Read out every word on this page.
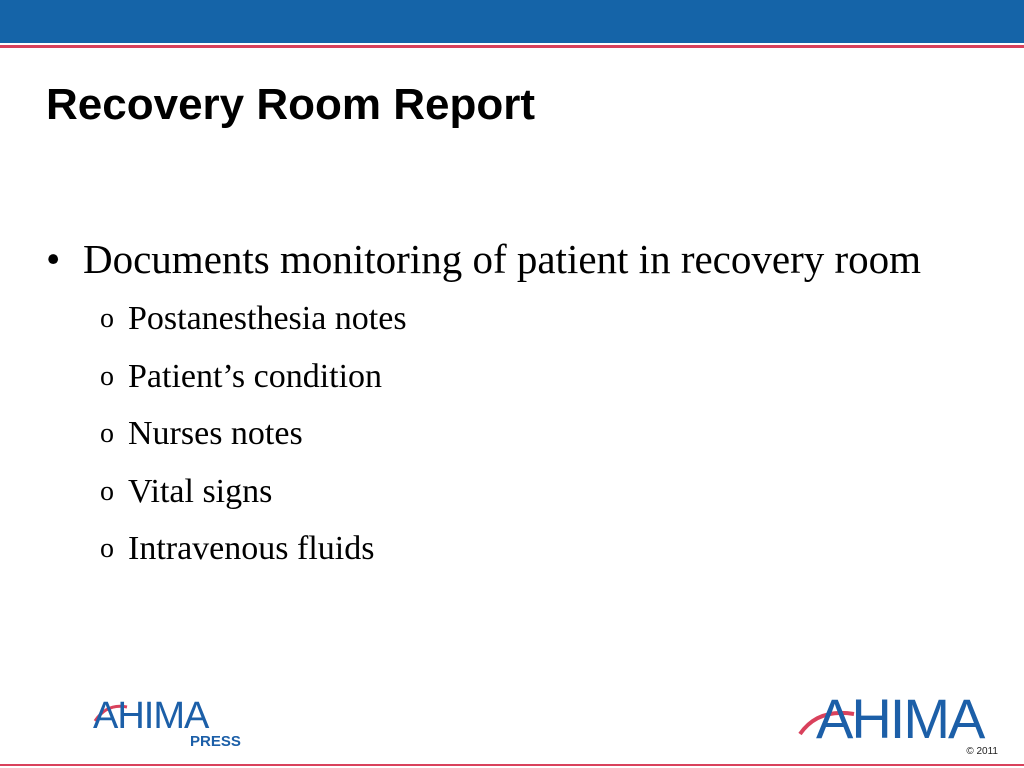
Recovery Room Report
• Documents monitoring of patient in recovery room
o Postanesthesia notes
o Patient’s condition
o Nurses notes
o Vital signs
o Intravenous fluids
AHIMA
PRESS	AHIMA
© 2011
